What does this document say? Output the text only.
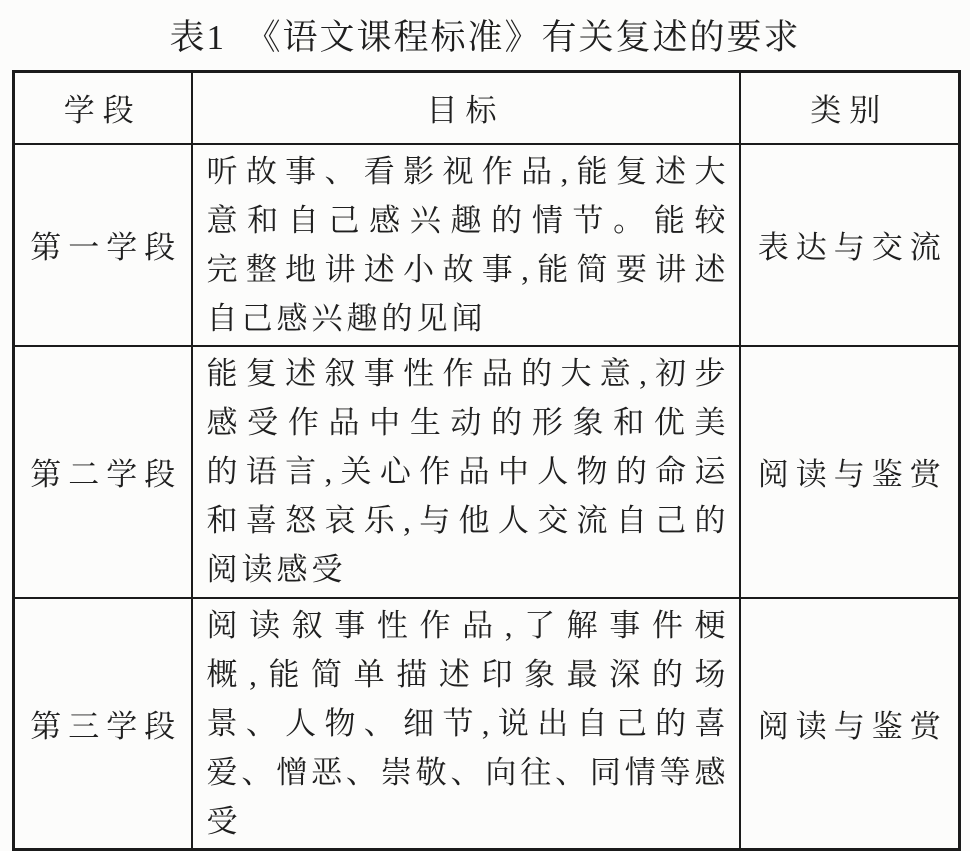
表1　《语文课程标准》有关复述的要求
学段	目标	类别
第一学段	听故事、看影视作品,能复述大
意和自己感兴趣的情节。能较
完整地讲述小故事,能简要讲述
自己感兴趣的见闻	表达与交流
第二学段	能复述叙事性作品的大意,初步
感受作品中生动的形象和优美
的语言,关心作品中人物的命运
和喜怒哀乐,与他人交流自己的
阅读感受	阅读与鉴赏
第三学段	阅读叙事性作品,了解事件梗
概,能简单描述印象最深的场
景、人物、细节,说出自己的喜
爱、憎恶、崇敬、向往、同情等感
受	阅读与鉴赏
